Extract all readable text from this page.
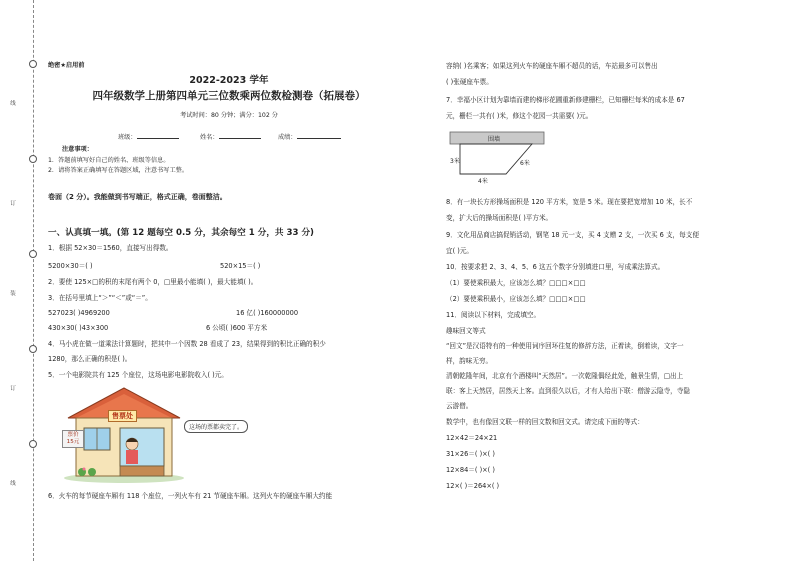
线
订
装
订
线
绝密★启用前
2022-2023 学年
四年级数学上册第四单元三位数乘两位数检测卷（拓展卷）
考试时间：80 分钟；满分：102 分
班级：	姓名：	成绩：
注意事项：
1．答题前填写好自己的姓名、班级等信息。
2．请将答案正确填写在答题区域，注意书写工整。
卷面（2 分）。我能做到书写端正，格式正确，卷面整洁。
一、认真填一填。(第 12 题每空 0.5 分，其余每空 1 分，共 33 分)
1．根据 52×30＝1560，直接写出得数。
5200×30＝( )	520×15＝( )
2．要使 125×□的积的末尾有两个 0，□里最小能填( )，最大能填( )。
3．在括号里填上“＞”“＜”或“＝”。
527023( )4969200	16 亿( )160000000
430×30( )43×300	6 公顷( )600 平方米
4．马小虎在做一道乘法计算题时，把其中一个因数 28 看成了 23，结果得到的积比正确的积少
1280，那么正确的积是( )。
5．一个电影院共有 125 个座位，这场电影电影院收入( )元。
售票处
票价
15元
这场的票都卖完了。
6．火车的每节硬座车厢有 118 个座位，一列火车有 21 节硬座车厢。这列火车的硬座车厢大约能
容纳( )名乘客；如果这列火车的硬座车厢不超员的话，车站最多可以售出
( )张硬座车票。
7．幸福小区计划为靠墙而建的梯形花圃重新修建栅栏，已知栅栏每米的成本是 67
元，栅栏一共有( )米，修这个花园一共需要( )元。
围墙
3米	6米
4米
8．有一块长方形操场面积是 120 平方米，宽是 5 米。现在要把宽增加 10 米，长不
变，扩大后的操场面积是( )平方米。
9．文化用品商店搞促销活动，钢笔 18 元一支，买 4 支赠 2 支，一次买 6 支，每支便
宜( )元。
10．按要求把 2、3、4、5、6 这五个数字分别填进口里，写成乘法算式。
（1）要使乘积最大，应该怎么填？□□□×□□
（2）要使乘积最小，应该怎么填？□□□×□□
11．阅读以下材料，完成填空。
趣味回文等式
“回文”是汉语特有的一种使用词序回环往复的修辞方法，正着读，倒着读，文字一
样，韵味无穷。
清朝乾隆年间，北京有个酒楼叫“天然居”。一次乾隆偶经此处，触景生情，□出上
联：客上天然居，居然天上客。直到很久以后，才有人给出下联：僧游云隐寺，寺隐
云游僧。
数学中，也有像回文联一样的回文数和回文式。请完成下面的等式：
12×42＝24×21
31×26＝( )×( )
12×84＝( )×( )
12×( )＝264×( )
